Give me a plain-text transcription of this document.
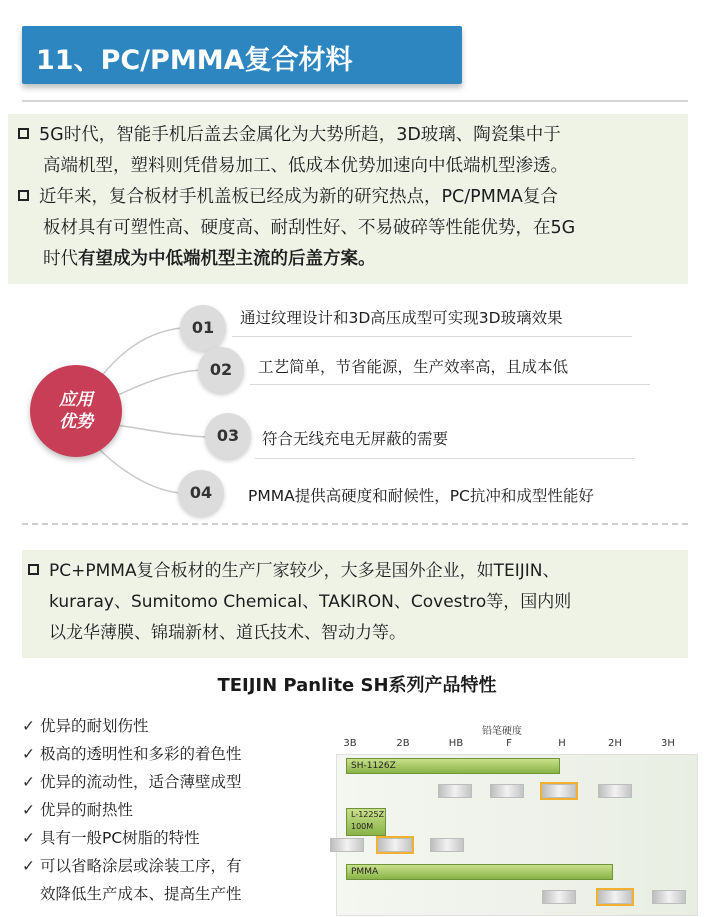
11、PC/PMMA复合材料
5G时代，智能手机后盖去金属化为大势所趋，3D玻璃、陶瓷集中于
高端机型，塑料则凭借易加工、低成本优势加速向中低端机型渗透。
近年来，复合板材手机盖板已经成为新的研究热点，PC/PMMA复合
板材具有可塑性高、硬度高、耐刮性好、不易破碎等性能优势，在5G
时代有望成为中低端机型主流的后盖方案。
应用
优势
01	通过纹理设计和3D高压成型可实现3D玻璃效果
02	工艺简单，节省能源，生产效率高，且成本低
03	符合无线充电无屏蔽的需要
04	PMMA提供高硬度和耐候性，PC抗冲和成型性能好
PC+PMMA复合板材的生产厂家较少，大多是国外企业，如TEIJIN、
kuraray、Sumitomo Chemical、TAKIRON、Covestro等，国内则
以龙华薄膜、锦瑞新材、道氏技术、智动力等。
TEIJIN Panlite SH系列产品特性
✓ 优异的耐划伤性
✓ 极高的透明性和多彩的着色性
✓ 优异的流动性，适合薄壁成型
✓ 优异的耐热性
✓ 具有一般PC树脂的特性
✓ 可以省略涂层或涂装工序，有
效降低生产成本、提高生产性
铅笔硬度
3B	2B	HB	F	H	2H	3H
SH-1126Z
L-1225Z 100M
PMMA
